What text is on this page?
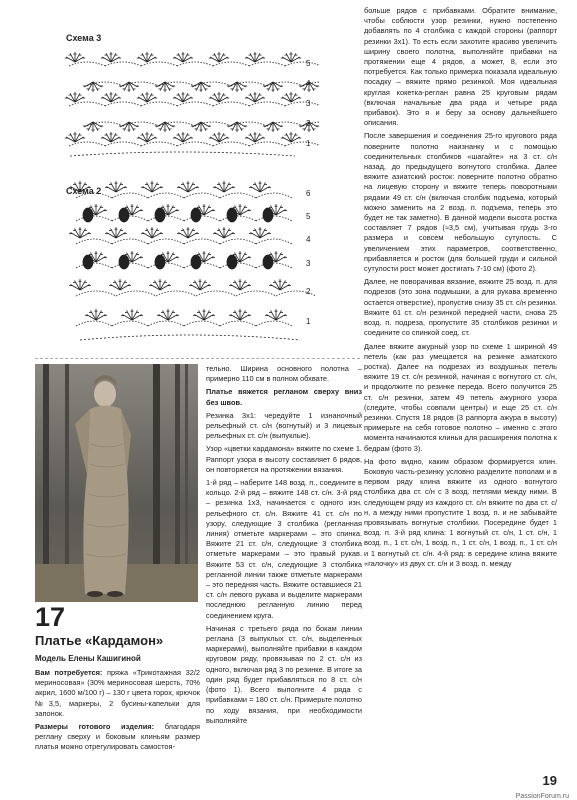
Схема 3
5
4
3
2
1
Схема 2	6
5
4
3
2
1

больше рядов с прибавками. Обратите внимание, чтобы соблюсти узор резинки, нужно постепенно добавлять по 4 столбика с каждой стороны (раппорт резинки 3x1). То есть если захотите красиво увеличить ширину своего полотна, выполняйте прибавки на протяжении еще 4 рядов, а может, 8, если это потребуется. Как только примерка показала идеальную посадку – вяжите прямо резинкой. Моя идеальная круглая кокетка-реглан равна 25 круговым рядам (включая начальные два ряда и четыре ряда прибавок). Это я и беру за основу дальнейшего описания.

После завершения и соединения 25-го кругового ряда поверните полотно наизнанку и с помощью соединительных столбиков «шагайте» на 3 ст. с/н назад, до предыдущего вогнутого столбика. Далее вяжите азиатский росток: поверните полотно обратно на лицевую сторону и вяжите теперь поворотными рядами 49 ст. с/н (включая столбик подъема, который можно заменить на 2 возд. п. подъема, теперь это будет не так заметно). В данной модели высота ростка составляет 7 рядов (≈3,5 см), учитывая грудь 3-го размера и совсем небольшую сутулость. С увеличением этих параметров, соответственно, прибавляется и росток (для большей груди и сильной сутулости рост может достигать 7-10 см) (фото 2).

Далее, не поворачивая вязание, вяжите 25 возд. п. для подрезов (это зона подмышки, а для рукава временно остается отверстие), пропустив снизу 35 ст. с/н резинки. Вяжите 61 ст. с/н резинкой передней части, снова 25 возд. п. подреза, пропустите 35 столбиков резинки и соедините со спинкой соед. ст.

Далее вяжите ажурный узор по схеме 1 шириной 49 петель (как раз умещается на резинке азиатского ростка). Далее на подрезах из воздушных петель вяжите 19 ст. с/н резинкой, начиная с вогнутого ст. с/н, и продолжите по резинке переда. Всего получится 25 ст. с/н резинки, затем 49 петель ажурного узора (следите, чтобы совпали центры) и еще 25 ст. с/н резинки. Спустя 18 рядов (3 раппорта ажура в высоту) примерьте на себя готовое полотно – именно с этого момента начинаются клинья для расширения полотна к бедрам (фото 3).

На фото видно, каким образом формируется клин. Боковую часть-резинку условно разделите пополам и в первом ряду клина вяжите из одного вогнутого столбика два ст. с/н с 3 возд. петлями между ними. В следующем ряду из каждого ст. с/н вяжите по два ст. с/н, а между ними пропустите 1 возд. п. и не забывайте провязывать вогнутые столбики. Посередине будет 1 возд. п. 3-й ряд клина: 1 вогнутый ст. с/н, 1 ст. с/н, 1 возд. п., 1 ст. с/н, 1 возд. п., 1 ст. с/н, 1 возд. п., 1 ст. с/н и 1 вогнутый ст. с/н. 4-й ряд: в середине клина вяжите «галочку» из двух ст. с/н и 3 возд. п. между

17
Платье «Кардамон»
Модель Елены Кашигиной

Вам потребуется: пряжа «Трикотажная 32/2 мериносовая» (30% мериносовая шерсть, 70% акрил, 1600 м/100 г) – 130 г цвета горох, крючок №3,5, маркеры, 2 бусины-капельки для запонок.

Размеры готового изделия: благодаря реглану сверху и боковым клиньям размер платья можно отрегулировать самостоя-

тельно. Ширина основного полотна – примерно 110 см в полном обхвате.

Платье вяжется регланом сверху вниз без швов.

Резинка 3x1: чередуйте 1 изнаночный рельефный ст. с/н (вогнутый) и 3 лицевых рельефных ст. с/н (выпуклые).

Узор «цветки кардамона» вяжите по схеме 1. Раппорт узора в высоту составляет 6 рядов, он повторяется на протяжении вязания.

1-й ряд – наберите 148 возд. п., соедините в кольцо. 2-й ряд – вяжите 148 ст. с/н. 3-й ряд – резинка 1x3, начинается с одного изн. рельефного ст. с/н. Вяжите 41 ст. с/н по узору, следующие 3 столбика (регланная линия) отметьте маркерами – это спинка. Вяжите 21 ст. с/н, следующие 3 столбика отметьте маркерами – это правый рукав. Вяжите 53 ст. с/н, следующие 3 столбика регланной линии также отметьте маркерами – это передняя часть. Вяжите оставшиеся 21 ст. с/н левого рукава и выделите маркерами последнюю регланную линию перед соединением круга.

Начиная с третьего ряда по бокам линии реглана (3 выпуклых ст. с/н, выделенных маркерами), выполняйте прибавки в каждом круговом ряду, провязывая по 2 ст. с/н из одного, включая ряд 3 по резинке. В итоге за один ряд будет прибавляться по 8 ст. с/н (фото 1). Всего выполните 4 ряда с прибавками = 180 ст. с/н. Примерьте полотно по ходу вязания, при необходимости выполняйте

19
PassionForum.ru
